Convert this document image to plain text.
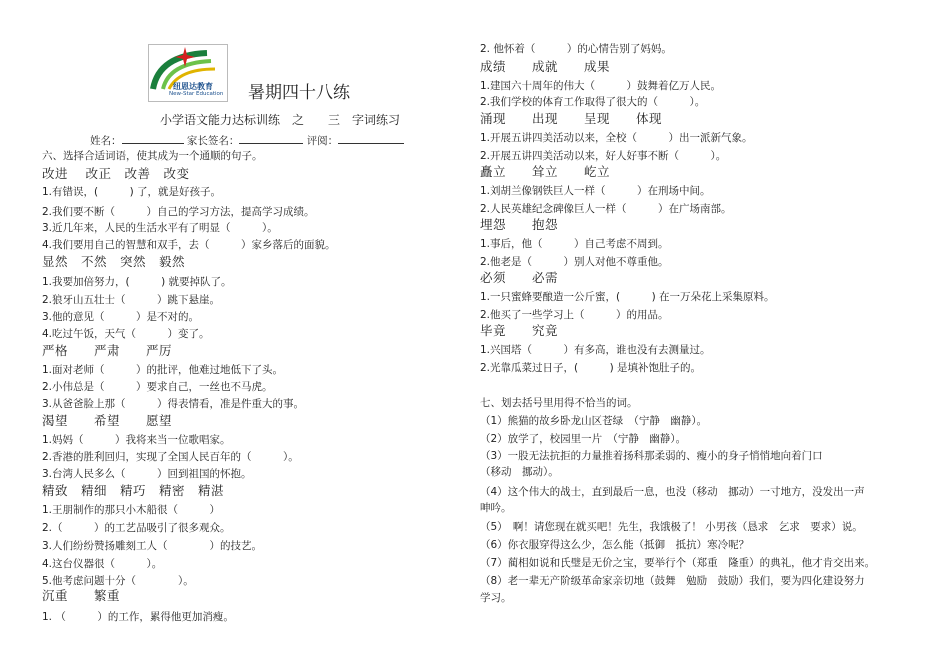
纽恩达教育
New-Star Education 暑期四十八练
小学语文能力达标训练　之　　三　字词练习
姓名：	家长签名：	评阅：
六、选择合适词语，使其成为一个通顺的句子。
改进　 改正　改善　改变
1.有错误，(　　　) 了，就是好孩子。
2.我们要不断（　　　）自己的学习方法，提高学习成绩。
3.近几年来，人民的生活水平有了明显（　　　）。
4.我们要用自己的智慧和双手，去（　　　）家乡落后的面貌。
显然　不然　突然　毅然
1.我要加倍努力，(　　　) 就要掉队了。
2.狼牙山五壮士（　　　）跳下悬崖。
3.他的意见（　　　）是不对的。
4.吃过午饭，天气（　　　）变了。
严格　　严肃　　严厉
1.面对老师（　　　）的批评，他难过地低下了头。
2.小伟总是（　　　）要求自己，一丝也不马虎。
3.从爸爸脸上那（　　　）得表情看，准是件重大的事。
渴望　　希望　　愿望
1.妈妈（　　　）我将来当一位歌唱家。
2.香港的胜利回归，实现了全国人民百年的（　　　）。
3.台湾人民多么（　　　）回到祖国的怀抱。
精致　精细　精巧　精密　精湛
1.王朋制作的那只小木船很（　　　）
2.（　　　）的工艺品吸引了很多观众。
3.人们纷纷赞扬雕刻工人（　　　　）的技艺。
4.这台仪器很（　　　）。
5.他考虑问题十分（　　　　）。
沉重　　繁重
1. （　　　）的工作，累得他更加消瘦。
2. 他怀着（　　　）的心情告别了妈妈。
成绩　　成就　　成果
1.建国六十周年的伟大（　　　）鼓舞着亿万人民。
2.我们学校的体育工作取得了很大的（　　　）。
涌现　　出现　　呈现　　体现
1.开展五讲四美活动以来，全校（　　　）出一派新气象。
2.开展五讲四美活动以来，好人好事不断（　　　）。
矗立　　耸立　　屹立
1.刘胡兰像钢铁巨人一样（　　　）在刑场中间。
2.人民英雄纪念碑像巨人一样（　　　）在广场南部。
埋怨　　抱怨
1.事后，他（　　　）自己考虑不周到。
2.他老是（　　　）别人对他不尊重他。
必须　　必需
1.一只蜜蜂要酿造一公斤蜜，(　　　) 在一万朵花上采集原料。
2.他买了一些学习上（　　　）的用品。
毕竟　　究竟
1.兴国塔（　　　）有多高，谁也没有去测量过。
2.光靠瓜菜过日子，(　　　) 是填补饱肚子的。
七、划去括号里用得不恰当的词。
（1）熊猫的故乡卧龙山区苍绿　（宁静　幽静）。
（2）放学了，校园里一片　（宁静　幽静）。
（3）一股无法抗拒的力量推着扬科那柔弱的、瘦小的身子悄悄地向着门口
（移动　挪动）。
（4）这个伟大的战士，直到最后一息，也没（移动　挪动）一寸地方，没发出一声
呻吟。
（5）　啊！请您现在就买吧！先生，我饿极了！ 小男孩（恳求　乞求　要求）说。
（6）你衣服穿得这么少，怎么能（抵御　抵抗）寒冷呢？
（7）蔺相如说和氏璧是无价之宝，要举行个（郑重　隆重）的典礼，他才肯交出来。
（8）老一辈无产阶级革命家亲切地（鼓舞　勉励　鼓励）我们，要为四化建设努力
学习。
